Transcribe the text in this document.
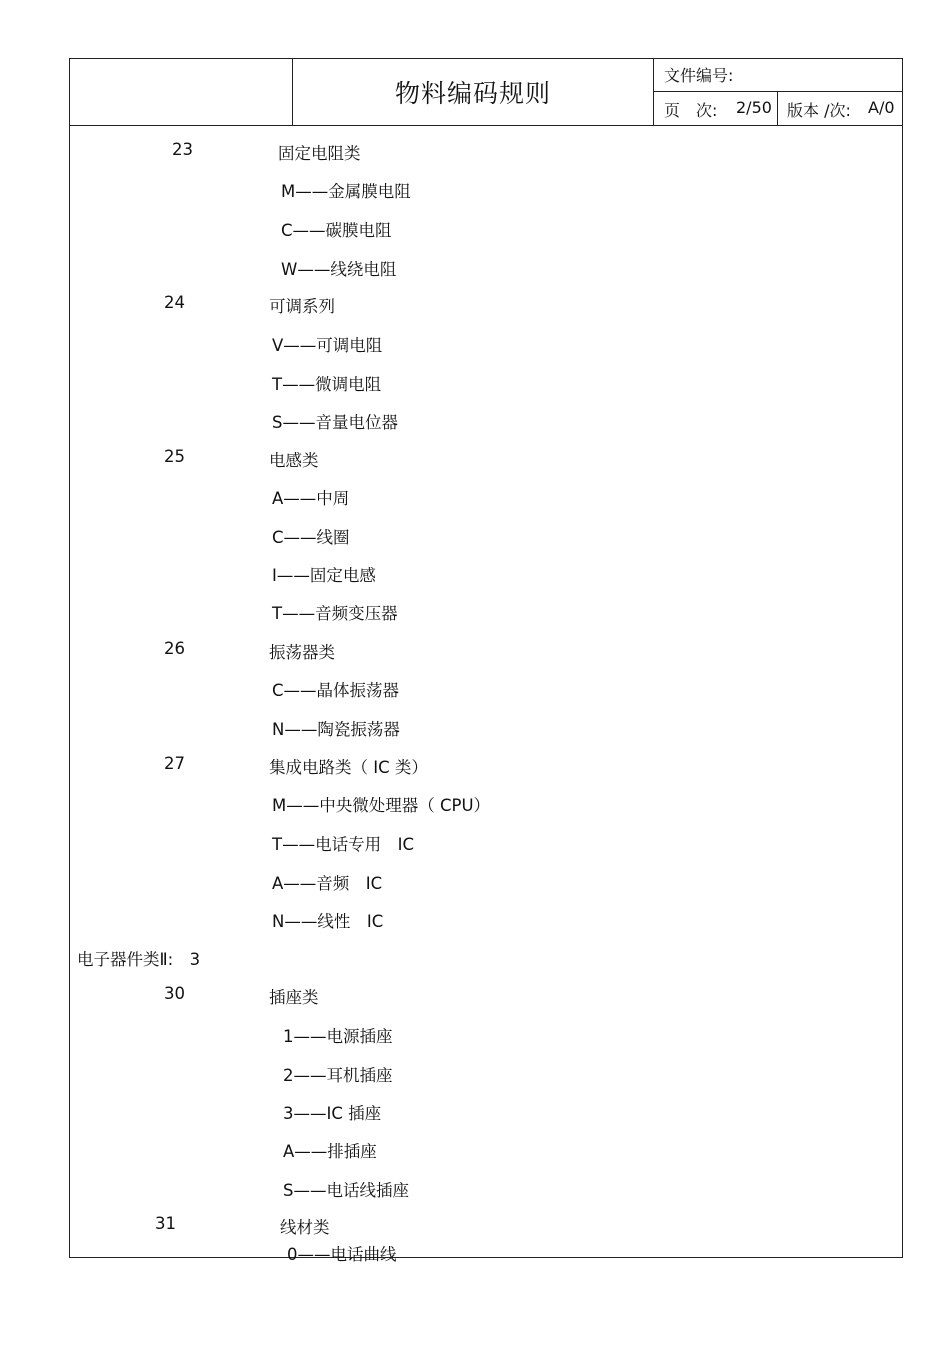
物料编码规则
文件编号:
页　次: 2/50 版本 /次: A/0
23	固定电阻类
M——金属膜电阻
C——碳膜电阻
W——线绕电阻
24	可调系列
V——可调电阻
T——微调电阻
S——音量电位器
25	电感类
A——中周
C——线圈
I——固定电感
T——音频变压器
26	振荡器类
C——晶体振荡器
N——陶瓷振荡器
27	集成电路类（ IC 类）
M——中央微处理器（ CPU）
T——电话专用　IC
A——音频　IC
N——线性　IC
电子器件类Ⅱ:　3
30	插座类
1——电源插座
2——耳机插座
3——IC 插座
A——排插座
S——电话线插座
31	线材类
0——电话曲线
